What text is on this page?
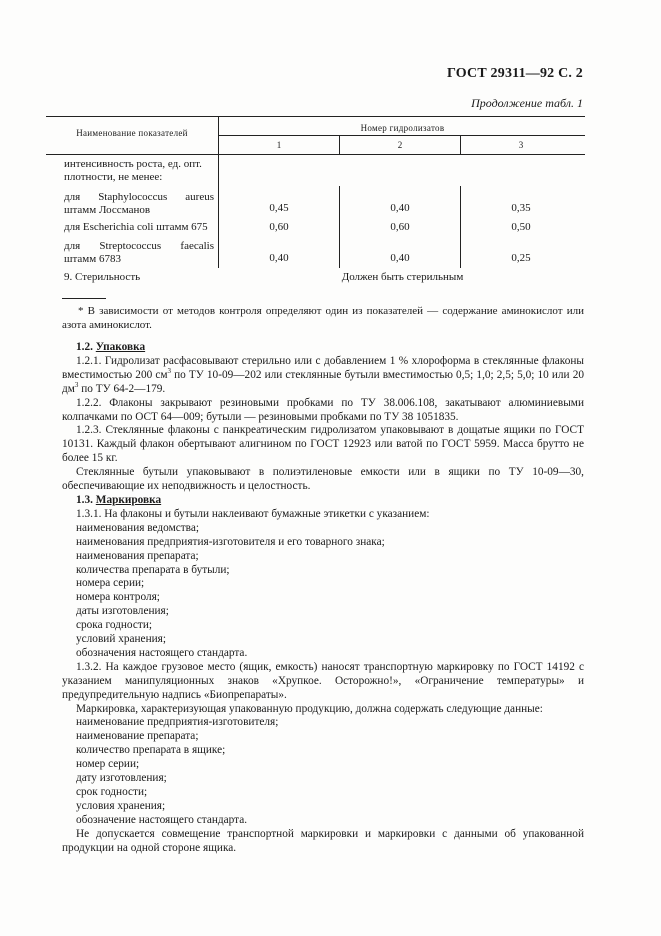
ГОСТ 29311—92 С. 2
Продолжение табл. 1
Наименование показателей	Номер гидролизатов
1	2	3
интенсивность роста, ед. опт.
плотности, не менее:
для Staphylococcus aureus
штамм Лоссманов	0,45	0,40	0,35
для Escherichia coli штамм 675	0,60	0,60	0,50
для Streptococcus faecalis
штамм 6783	0,40	0,40	0,25
9. Стерильность	Должен быть стерильным
* В зависимости от методов контроля определяют один из показателей — содержание аминокислот или азота аминокислот.

1.2. Упаковка

1.2.1. Гидролизат расфасовывают стерильно или с добавлением 1 % хлороформа в стеклянные флаконы вместимостью 200 $см^3$ по ТУ 10-09—202 или стеклянные бутыли вместимостью 0,5; 1,0; 2,5; 5,0; 10 или 20 $дм^3$ по ТУ 64-2—179.

1.2.2. Флаконы закрывают резиновыми пробками по ТУ 38.006.108, закатывают алюминиевыми колпачками по ОСТ 64—009; бутыли — резиновыми пробками по ТУ 38 1051835.

1.2.3. Стеклянные флаконы с панкреатическим гидролизатом упаковывают в дощатые ящики по ГОСТ 10131. Каждый флакон обертывают алигнином по ГОСТ 12923 или ватой по ГОСТ 5959. Масса брутто не более 15 кг.

Стеклянные бутыли упаковывают в полиэтиленовые емкости или в ящики по ТУ 10-09—30, обеспечивающие их неподвижность и целостность.

1.3. Маркировка

1.3.1. На флаконы и бутыли наклеивают бумажные этикетки с указанием:

наименования ведомства;

наименования предприятия-изготовителя и его товарного знака;

наименования препарата;

количества препарата в бутыли;

номера серии;

номера контроля;

даты изготовления;

срока годности;

условий хранения;

обозначения настоящего стандарта.

1.3.2. На каждое грузовое место (ящик, емкость) наносят транспортную маркировку по ГОСТ 14192 с указанием манипуляционных знаков «Хрупкое. Осторожно!», «Ограничение температуры» и предупредительную надпись «Биопрепараты».

Маркировка, характеризующая упакованную продукцию, должна содержать следующие данные:

наименование предприятия-изготовителя;

наименование препарата;

количество препарата в ящике;

номер серии;

дату изготовления;

срок годности;

условия хранения;

обозначение настоящего стандарта.

Не допускается совмещение транспортной маркировки и маркировки с данными об упакованной продукции на одной стороне ящика.
